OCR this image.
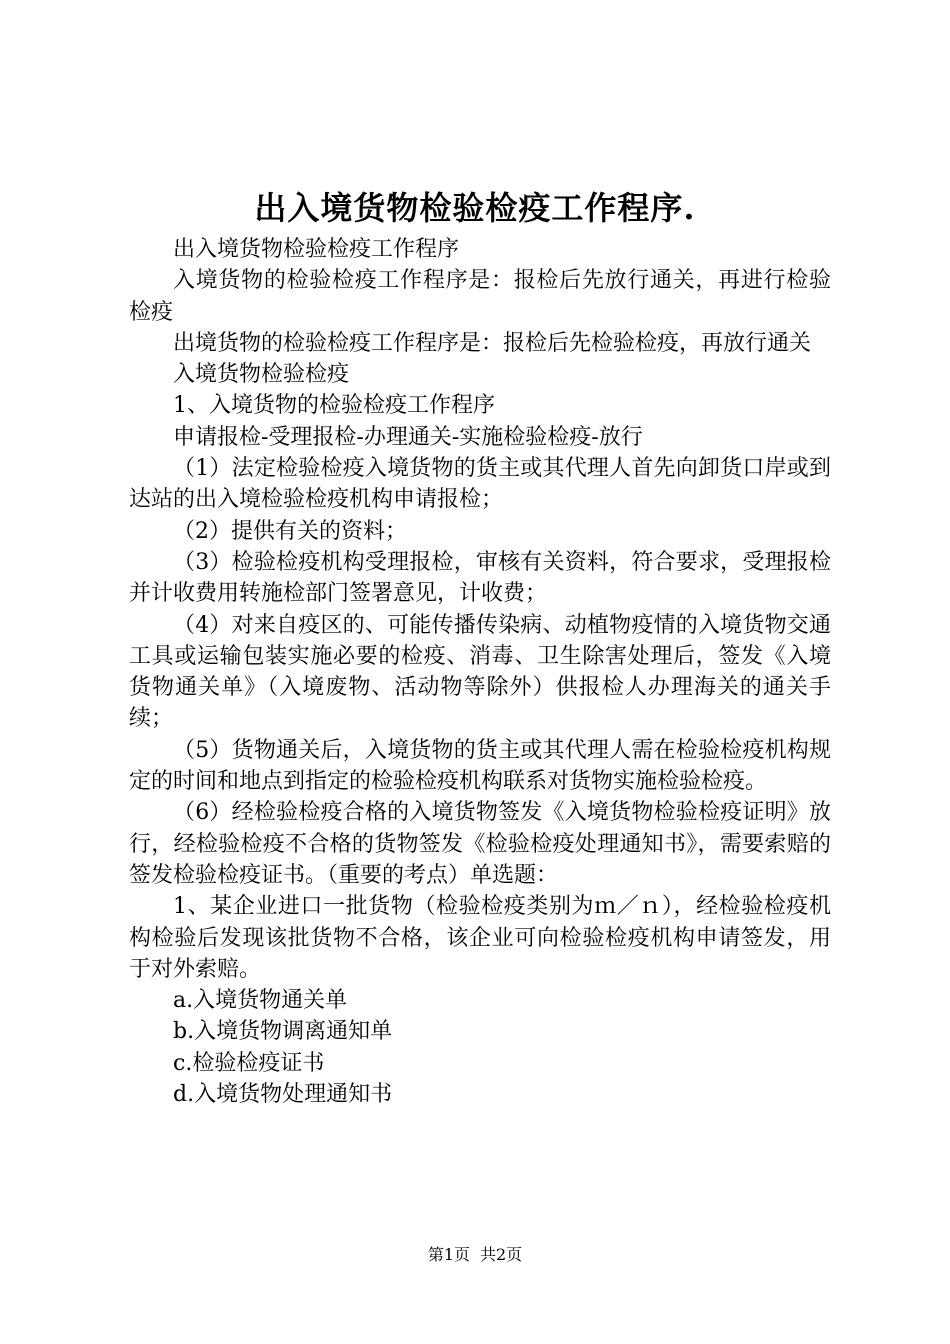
出入境货物检验检疫工作程序.

出入境货物检验检疫工作程序

入境货物的检验检疫工作程序是：报检后先放行通关，再进行检验检疫

出境货物的检验检疫工作程序是：报检后先检验检疫，再放行通关

入境货物检验检疫

1、入境货物的检验检疫工作程序

申请报检-受理报检-办理通关-实施检验检疫-放行

（1）法定检验检疫入境货物的货主或其代理人首先向卸货口岸或到达站的出入境检验检疫机构申请报检；

（2）提供有关的资料；

（3）检验检疫机构受理报检，审核有关资料，符合要求，受理报检并计收费用转施检部门签署意见，计收费；

（4）对来自疫区的、可能传播传染病、动植物疫情的入境货物交通工具或运输包装实施必要的检疫、消毒、卫生除害处理后，签发《入境货物通关单》（入境废物、活动物等除外）供报检人办理海关的通关手续；

（5）货物通关后，入境货物的货主或其代理人需在检验检疫机构规定的时间和地点到指定的检验检疫机构联系对货物实施检验检疫。

（6）经检验检疫合格的入境货物签发《入境货物检验检疫证明》放行，经检验检疫不合格的货物签发《检验检疫处理通知书》，需要索赔的签发检验检疫证书。（重要的考点）单选题：

1、某企业进口一批货物（检验检疫类别为ｍ／ｎ），经检验检疫机构检验后发现该批货物不合格，该企业可向检验检疫机构申请签发，用于对外索赔。

a.入境货物通关单

b.入境货物调离通知单

c.检验检疫证书

d.入境货物处理通知书

第1页 共2页
